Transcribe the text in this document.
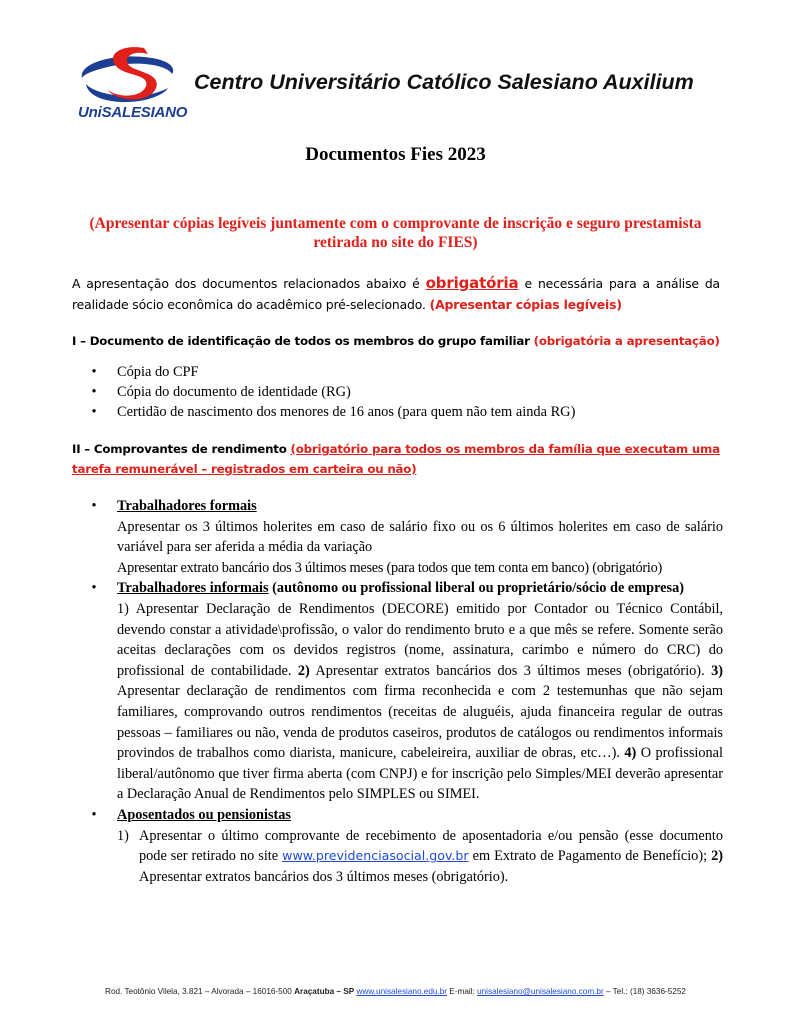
UniSALESIANO
Centro Universitário Católico Salesiano Auxilium
Documentos Fies 2023
(Apresentar cópias legíveis juntamente com o comprovante de inscrição e seguro prestamista retirada no site do FIES)
A apresentação dos documentos relacionados abaixo é obrigatória e necessária para a análise da realidade sócio econômica do acadêmico pré-selecionado. (Apresentar cópias legíveis)
I – Documento de identificação de todos os membros do grupo familiar (obrigatória a apresentação)
• Cópia do CPF
• Cópia do documento de identidade (RG)
• Certidão de nascimento dos menores de 16 anos (para quem não tem ainda RG)
II – Comprovantes de rendimento (obrigatório para todos os membros da família que executam uma tarefa remunerável – registrados em carteira ou não)
• Trabalhadores formais
Apresentar os 3 últimos holerites em caso de salário fixo ou os 6 últimos holerites em caso de salário variável para ser aferida a média da variação
Apresentar extrato bancário dos 3 últimos meses (para todos que tem conta em banco) (obrigatório)
• Trabalhadores informais (autônomo ou profissional liberal ou proprietário/sócio de empresa)
1) Apresentar Declaração de Rendimentos (DECORE) emitido por Contador ou Técnico Contábil, devendo constar a atividade\profissão, o valor do rendimento bruto e a que mês se refere. Somente serão aceitas declarações com os devidos registros (nome, assinatura, carimbo e número do CRC) do profissional de contabilidade. 2) Apresentar extratos bancários dos 3 últimos meses (obrigatório). 3) Apresentar declaração de rendimentos com firma reconhecida e com 2 testemunhas que não sejam familiares, comprovando outros rendimentos (receitas de aluguéis, ajuda financeira regular de outras pessoas – familiares ou não, venda de produtos caseiros, produtos de catálogos ou rendimentos informais provindos de trabalhos como diarista, manicure, cabeleireira, auxiliar de obras, etc…). 4) O profissional liberal/autônomo que tiver firma aberta (com CNPJ) e for inscrição pelo Simples/MEI deverão apresentar a Declaração Anual de Rendimentos pelo SIMPLES ou SIMEI.
• Aposentados ou pensionistas
1) Apresentar o último comprovante de recebimento de aposentadoria e/ou pensão (esse documento pode ser retirado no site www.previdenciasocial.gov.br em Extrato de Pagamento de Benefício); 2) Apresentar extratos bancários dos 3 últimos meses (obrigatório).
Rod. Teotônio Vilela, 3.821 – Alvorada – 16016-500 Araçatuba – SP www.unisalesiano.edu.br E-mail: unisalesiano@unisalesiano.com.br – Tel.: (18) 3636-5252
